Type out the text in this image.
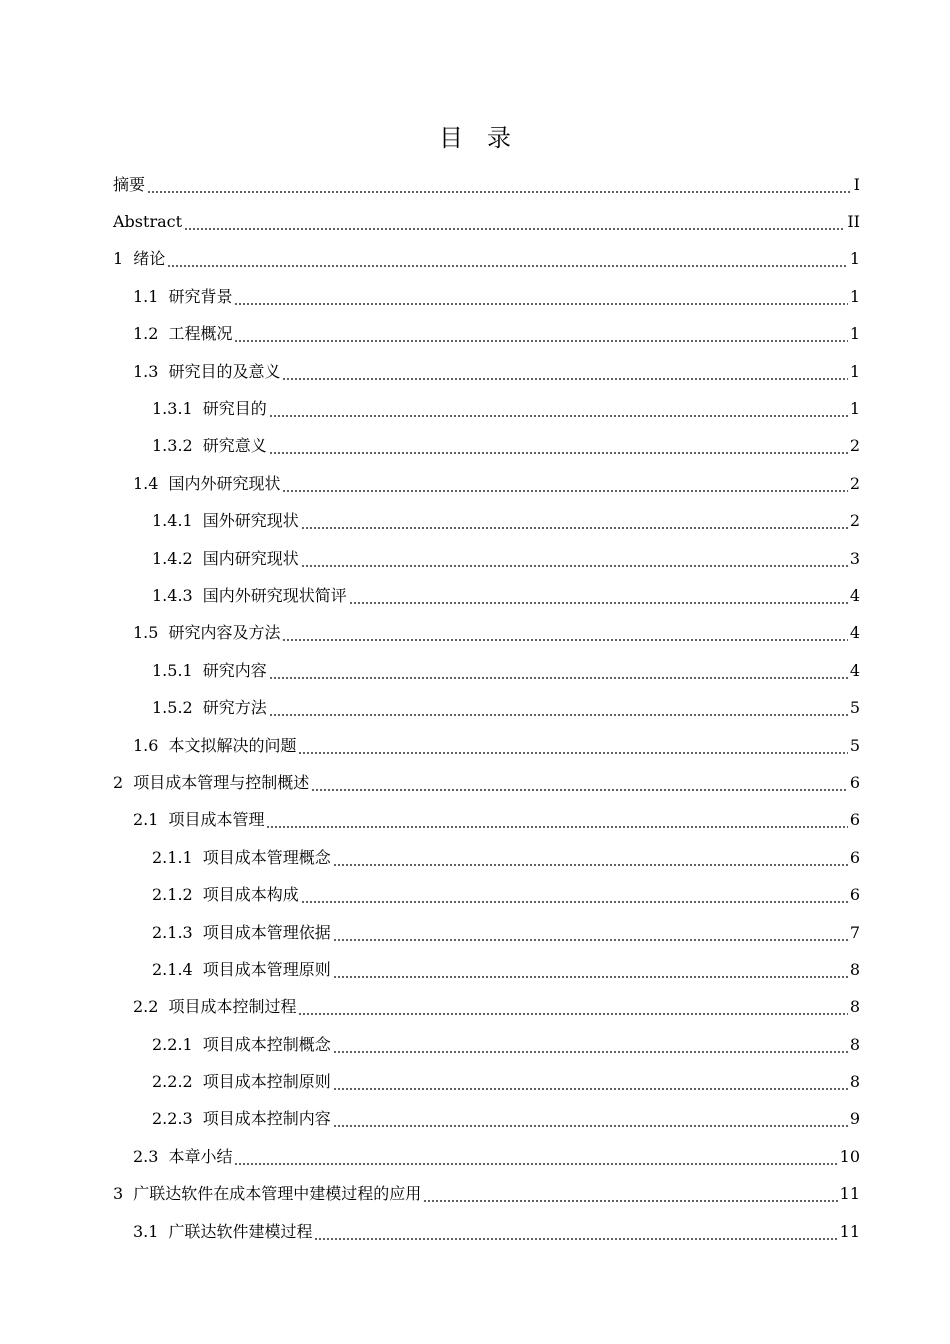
目录
摘要	I
Abstract	II
1 绪论	1
1.1 研究背景	1
1.2 工程概况	1
1.3 研究目的及意义	1
1.3.1 研究目的	1
1.3.2 研究意义	2
1.4 国内外研究现状	2
1.4.1 国外研究现状	2
1.4.2 国内研究现状	3
1.4.3 国内外研究现状简评	4
1.5 研究内容及方法	4
1.5.1 研究内容	4
1.5.2 研究方法	5
1.6 本文拟解决的问题	5
2 项目成本管理与控制概述	6
2.1 项目成本管理	6
2.1.1 项目成本管理概念	6
2.1.2 项目成本构成	6
2.1.3 项目成本管理依据	7
2.1.4 项目成本管理原则	8
2.2 项目成本控制过程	8
2.2.1 项目成本控制概念	8
2.2.2 项目成本控制原则	8
2.2.3 项目成本控制内容	9
2.3 本章小结	10
3 广联达软件在成本管理中建模过程的应用	11
3.1 广联达软件建模过程	11
